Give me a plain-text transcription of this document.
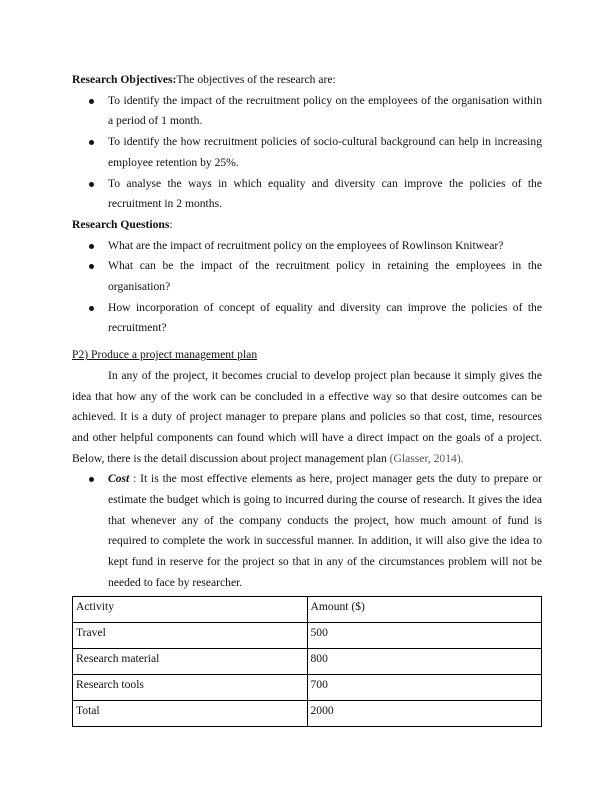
Research Objectives:The objectives of the research are:
To identify the impact of the recruitment policy on the employees of the organisation within a period of 1 month.
To identify the how recruitment policies of socio-cultural background can help in increasing employee retention by 25%.
To analyse the ways in which equality and diversity can improve the policies of the recruitment in 2 months.
Research Questions:
What are the impact of recruitment policy on the employees of Rowlinson Knitwear?
What can be the impact of the recruitment policy in retaining the employees in the organisation?
How incorporation of concept of equality and diversity can improve the policies of the recruitment?
P2) Produce a project management plan
In any of the project, it becomes crucial to develop project plan because it simply gives the idea that how any of the work can be concluded in a effective way so that desire outcomes can be achieved. It is a duty of project manager to prepare plans and policies so that cost, time, resources and other helpful components can found which will have a direct impact on the goals of a project. Below, there is the detail discussion about project management plan (Glasser, 2014).
Cost : It is the most effective elements as here, project manager gets the duty to prepare or estimate the budget which is going to incurred during the course of research. It gives the idea that whenever any of the company conducts the project, how much amount of fund is required to complete the work in successful manner. In addition, it will also give the idea to kept fund in reserve for the project so that in any of the circumstances problem will not be needed to face by researcher.
Activity	Amount ($)
Travel	500
Research material	800
Research tools	700
Total	2000
